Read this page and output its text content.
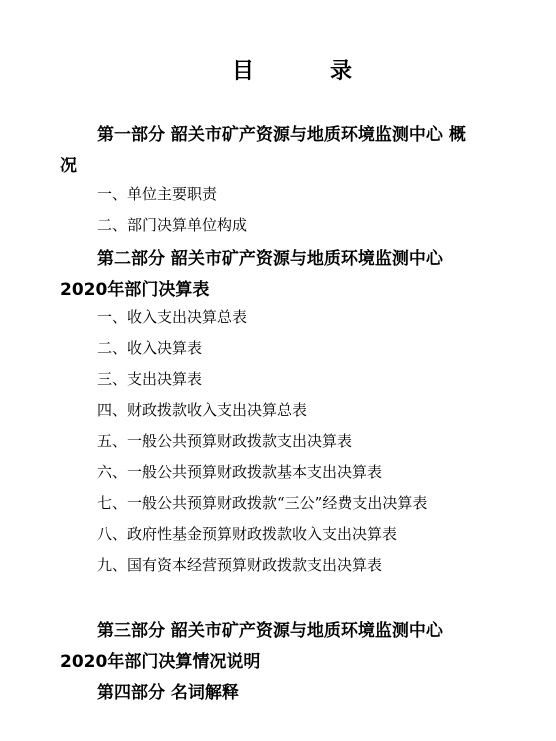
目	录
第一部分 韶关市矿产资源与地质环境监测中心 概
况
一、单位主要职责
二、部门决算单位构成
第二部分 韶关市矿产资源与地质环境监测中心
2020年部门决算表
一、收入支出决算总表
二、收入决算表
三、支出决算表
四、财政拨款收入支出决算总表
五、一般公共预算财政拨款支出决算表
六、一般公共预算财政拨款基本支出决算表
七、一般公共预算财政拨款“三公”经费支出决算表
八、政府性基金预算财政拨款收入支出决算表
九、国有资本经营预算财政拨款支出决算表
第三部分 韶关市矿产资源与地质环境监测中心
2020年部门决算情况说明
第四部分 名词解释
